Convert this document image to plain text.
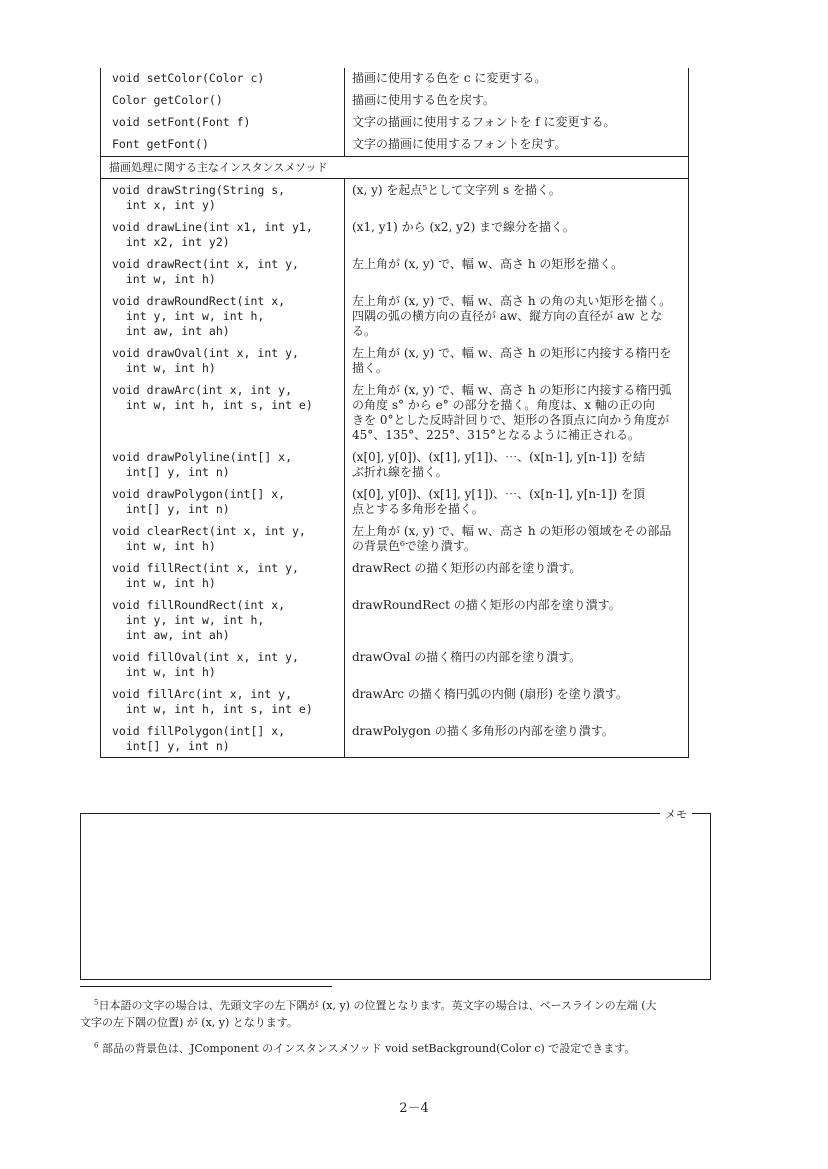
void setColor(Color c)	描画に使用する色を c に変更する。

Color getColor()	描画に使用する色を戻す。

void setFont(Font f)	文字の描画に使用するフォントを f に変更する。

Font getFont()	文字の描画に使用するフォントを戻す。

描画処理に関する主なインスタンスメソッド	

void drawString(String s,
int x, int y)	(x, y) を起点⁵として文字列 s を描く。

void drawLine(int x1, int y1,
int x2, int y2)	(x1, y1) から (x2, y2) まで線分を描く。

void drawRect(int x, int y,
int w, int h)	左上角が (x, y) で、幅 w、高さ h の矩形を描く。

void drawRoundRect(int x,
int y, int w, int h,
int aw, int ah)	左上角が (x, y) で、幅 w、高さ h の角の丸い矩形を描く。
四隅の弧の横方向の直径が aw、縦方向の直径が aw とな
る。

void drawOval(int x, int y,
int w, int h)	左上角が (x, y) で、幅 w、高さ h の矩形に内接する楕円を
描く。

void drawArc(int x, int y,
int w, int h, int s, int e)	左上角が (x, y) で、幅 w、高さ h の矩形に内接する楕円弧
の角度 s° から e° の部分を描く。角度は、x 軸の正の向
きを 0°とした反時計回りで、矩形の各頂点に向かう角度が
45°、135°、225°、315°となるように補正される。

void drawPolyline(int[] x,
int[] y, int n)	(x[0], y[0])、(x[1], y[1])、⋯、(x[n-1], y[n-1]) を結
ぶ折れ線を描く。

void drawPolygon(int[] x,
int[] y, int n)	(x[0], y[0])、(x[1], y[1])、⋯、(x[n-1], y[n-1]) を頂
点とする多角形を描く。

void clearRect(int x, int y,
int w, int h)	左上角が (x, y) で、幅 w、高さ h の矩形の領域をその部品
の背景色⁶で塗り潰す。

void fillRect(int x, int y,
int w, int h)	drawRect の描く矩形の内部を塗り潰す。

void fillRoundRect(int x,
int y, int w, int h,
int aw, int ah)	drawRoundRect の描く矩形の内部を塗り潰す。

void fillOval(int x, int y,
int w, int h)	drawOval の描く楕円の内部を塗り潰す。

void fillArc(int x, int y,
int w, int h, int s, int e)	drawArc の描く楕円弧の内側 (扇形) を塗り潰す。

void fillPolygon(int[] x,
int[] y, int n)	drawPolygon の描く多角形の内部を塗り潰す。
メモ
$^5$日本語の文字の場合は、先頭文字の左下隅が (x, y) の位置となります。英文字の場合は、ベースラインの左端 (大
文字の左下隅の位置) が (x, y) となります。
$^6$ 部品の背景色は、JComponent のインスタンスメソッド void setBackground(Color c) で設定できます。
2－4
